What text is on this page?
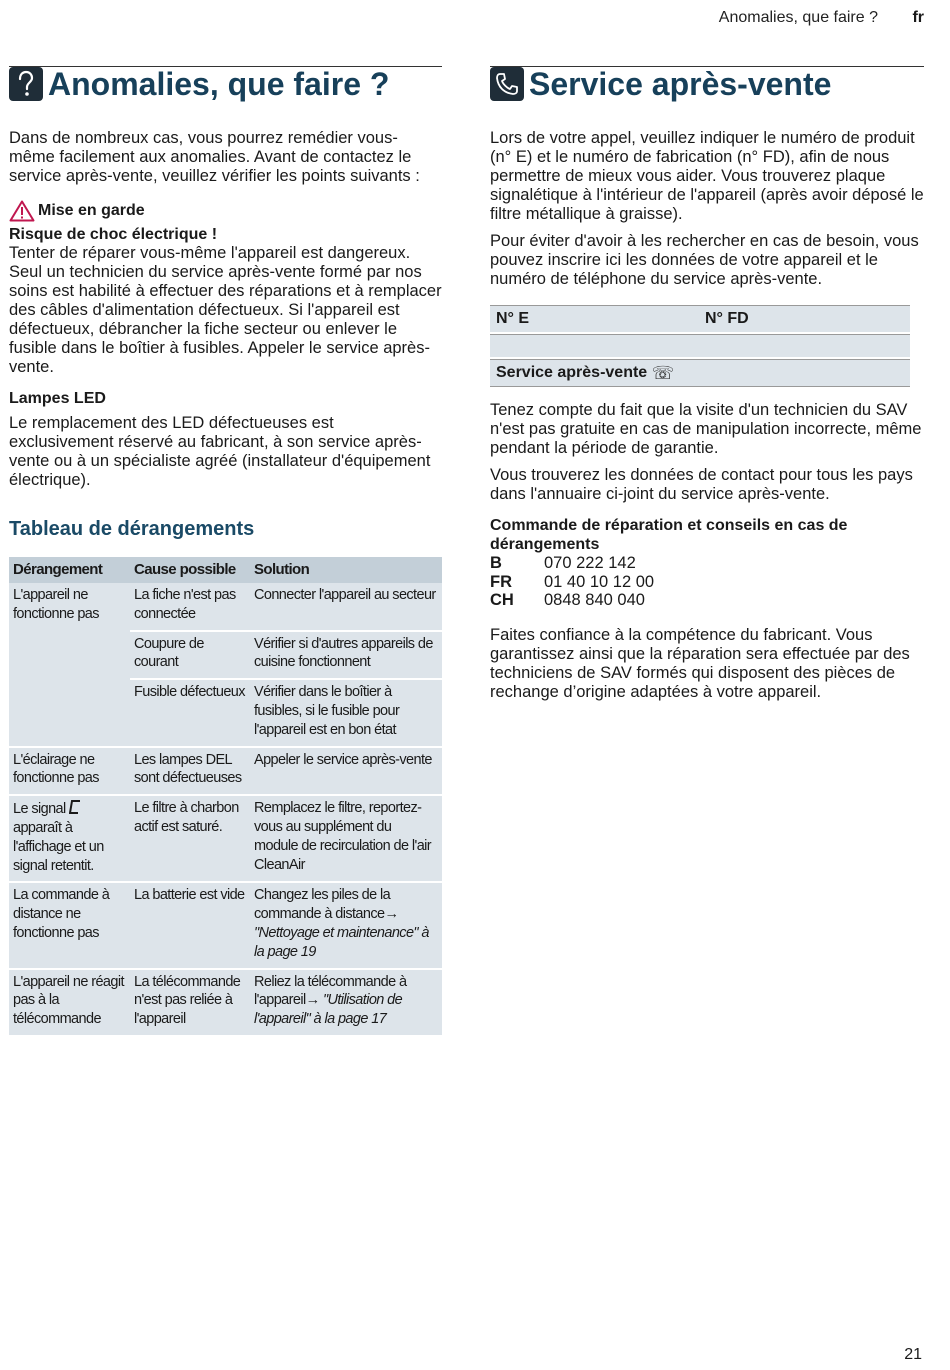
Anomalies, que faire ? fr
Anomalies, que faire ?

Dans de nombreux cas, vous pourrez remédier vous-même facilement aux anomalies. Avant de contactez le service après-vente, veuillez vérifier les points suivants :

Mise en garde
Risque de choc électrique !

Tenter de réparer vous-même l'appareil est dangereux. Seul un technicien du service après-vente formé par nos soins est habilité à effectuer des réparations et à remplacer des câbles d'alimentation défectueux. Si l'appareil est défectueux, débrancher la fiche secteur ou enlever le fusible dans le boîtier à fusibles. Appeler le service après-vente.

Lampes LED

Le remplacement des LED défectueuses est exclusivement réservé au fabricant, à son service après-vente ou à un spécialiste agréé (installateur d'équipement électrique).

Tableau de dérangements
Dérangement	Cause possible	Solution
L'appareil ne fonctionne pas	La fiche n'est pas connectée	Connecter l'appareil au secteur
	Coupure de courant	Vérifier si d'autres appareils de cuisine fonctionnent
	Fusible défectueux	Vérifier dans le boîtier à fusibles, si le fusible pour l'appareil est en bon état
L'éclairage ne fonctionne pas	Les lampes DEL sont défectueuses	Appeler le service après-vente
Le signal  apparaît à l'affichage et un signal retentit.	Le filtre à charbon actif est saturé.	Remplacez le filtre, reportez-vous au supplément du module de recirculation de l'air CleanAir
La commande à distance ne fonctionne pas	La batterie est vide	Changez les piles de la commande à distance→ "Nettoyage et maintenance" à la page 19
L'appareil ne réagit pas à la télécommande	La télécommande n'est pas reliée à l'appareil	Reliez la télécommande à l'appareil→ "Utilisation de l'appareil" à la page 17
Service après-vente

Lors de votre appel, veuillez indiquer le numéro de produit (n° E) et le numéro de fabrication (n° FD), afin de nous permettre de mieux vous aider. Vous trouverez plaque signalétique à l'intérieur de l'appareil (après avoir déposé le filtre métallique à graisse).

Pour éviter d'avoir à les rechercher en cas de besoin, vous pouvez inscrire ici les données de votre appareil et le numéro de téléphone du service après-vente.

N° E	N° FD
Service après-vente
☏

Tenez compte du fait que la visite d'un technicien du SAV n'est pas gratuite en cas de manipulation incorrecte, même pendant la période de garantie.

Vous trouverez les données de contact pour tous les pays dans l'annuaire ci-joint du service après-vente.

Commande de réparation et conseils en cas de dérangements
B	070 222 142
FR	01 40 10 12 00
CH	0848 840 040

Faites confiance à la compétence du fabricant. Vous garantissez ainsi que la réparation sera effectuée par des techniciens de SAV formés qui disposent des pièces de rechange d’origine adaptées à votre appareil.

21
